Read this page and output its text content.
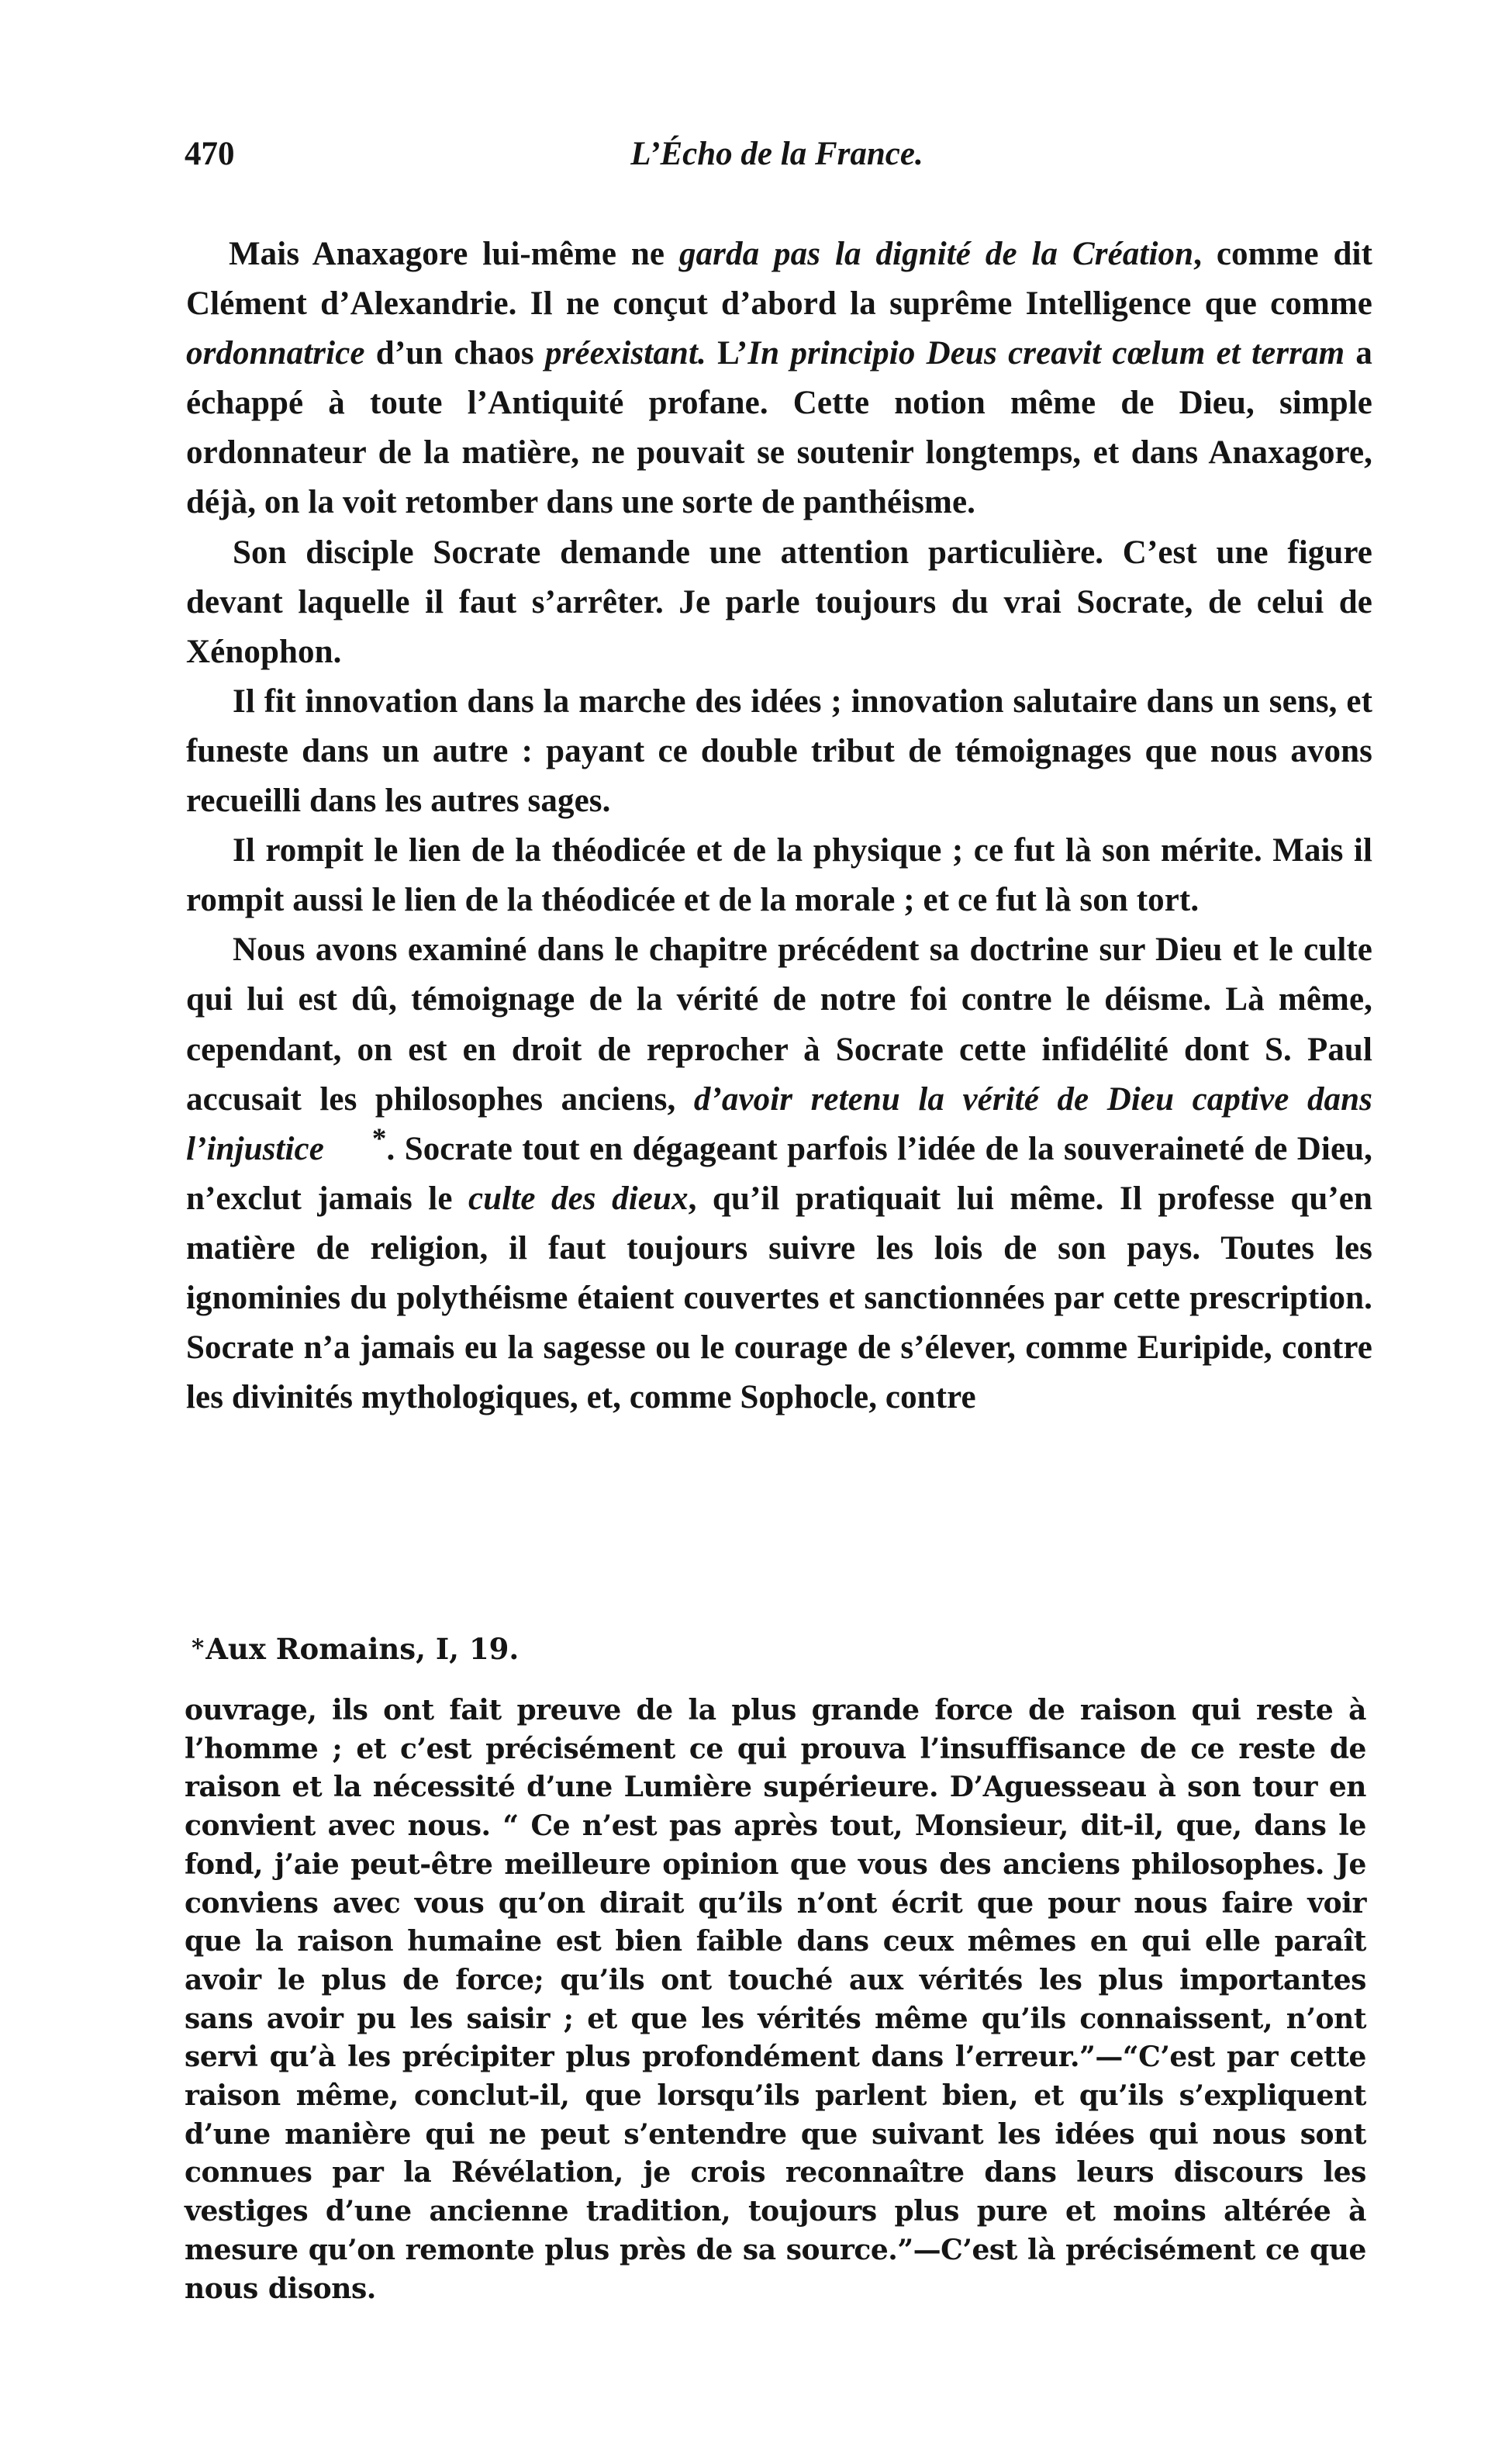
470	L’Écho de la France.

Mais Anaxagore lui-même ne garda pas la dignité de la Création, comme dit Clément d’Alexandrie. Il ne conçut d’abord la suprême Intelligence que comme ordonnatrice d’un chaos préexistant. L’In principio Deus creavit cœlum et terram a échappé à toute l’Antiquité profane. Cette notion même de Dieu, simple ordonnateur de la matière, ne pouvait se soutenir longtemps, et dans Anaxagore, déjà, on la voit retomber dans une sorte de panthéisme.

Son disciple Socrate demande une attention particulière. C’est une figure devant laquelle il faut s’arrêter. Je parle toujours du vrai Socrate, de celui de Xénophon.

Il fit innovation dans la marche des idées ; innovation salutaire dans un sens, et funeste dans un autre : payant ce double tribut de témoignages que nous avons recueilli dans les autres sages.

Il rompit le lien de la théodicée et de la physique ; ce fut là son mérite. Mais il rompit aussi le lien de la théodicée et de la morale ; et ce fut là son tort.

Nous avons examiné dans le chapitre précédent sa doctrine sur Dieu et le culte qui lui est dû, témoignage de la vérité de notre foi contre le déisme. Là même, cependant, on est en droit de reprocher à Socrate cette infidélité dont S. Paul accusait les philosophes anciens, d’avoir retenu la vérité de Dieu captive dans l’injustice *. Socrate tout en dégageant parfois l’idée de la souveraineté de Dieu, n’exclut jamais le culte des dieux, qu’il pratiquait lui même. Il professe qu’en matière de religion, il faut toujours suivre les lois de son pays. Toutes les ignominies du polythéisme étaient couvertes et sanctionnées par cette prescription. Socrate n’a jamais eu la sagesse ou le courage de s’élever, comme Euripide, contre les divinités mythologiques, et, comme Sophocle, contre

*Aux Romains, I, 19.
ouvrage, ils ont fait preuve de la plus grande force de raison qui reste à l’homme ; et c’est précisément ce qui prouva l’insuffisance de ce reste de raison et la nécessité d’une Lumière supérieure. D’Aguesseau à son tour en convient avec nous. “ Ce n’est pas après tout, Monsieur, dit-il, que, dans le fond, j’aie peut-être meilleure opinion que vous des anciens philosophes. Je conviens avec vous qu’on dirait qu’ils n’ont écrit que pour nous faire voir que la raison humaine est bien faible dans ceux mêmes en qui elle paraît avoir le plus de force; qu’ils ont touché aux vérités les plus importantes sans avoir pu les saisir ; et que les vérités même qu’ils connaissent, n’ont servi qu’à les précipiter plus profondément dans l’erreur.”—“C’est par cette raison même, conclut-il, que lorsqu’ils parlent bien, et qu’ils s’expliquent d’une manière qui ne peut s’entendre que suivant les idées qui nous sont connues par la Révélation, je crois reconnaître dans leurs discours les vestiges d’une ancienne tradition, toujours plus pure et moins altérée à mesure qu’on remonte plus près de sa source.”—C’est là précisément ce que nous disons.
